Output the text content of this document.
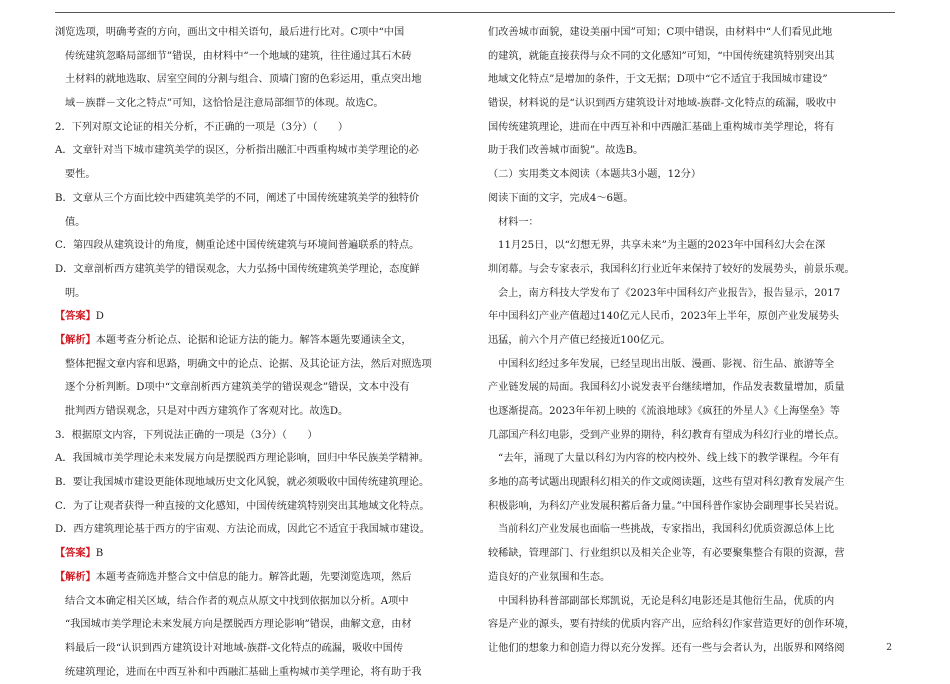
浏览选项，明确考查的方向，画出文中相关语句，最后进行比对。C项中“中国
传统建筑忽略局部细节”错误，由材料中“一个地域的建筑，往往通过其石木砖
土材料的就地选取、居室空间的分割与组合、顶墙门窗的色彩运用，重点突出地
域－族群－文化之特点”可知，这恰恰是注意局部细节的体现。故选C。
2．下列对原文论证的相关分析，不正确的一项是（3分）（　　）
A．文章针对当下城市建筑美学的误区，分析指出融汇中西重构城市美学理论的必
要性。
B．文章从三个方面比较中西建筑美学的不同，阐述了中国传统建筑美学的独特价
值。
C．第四段从建筑设计的角度，侧重论述中国传统建筑与环境间普遍联系的特点。
D．文章剖析西方建筑美学的错误观念，大力弘扬中国传统建筑美学理论，态度鲜
明。
【答案】D
【解析】本题考查分析论点、论据和论证方法的能力。解答本题先要通读全文，
整体把握文章内容和思路，明确文中的论点、论据、及其论证方法，然后对照选项
逐个分析判断。D项中“文章剖析西方建筑美学的错误观念”错误，文本中没有
批判西方错误观念，只是对中西方建筑作了客观对比。故选D。
3．根据原文内容，下列说法正确的一项是（3分）（　　）
A．我国城市美学理论未来发展方向是摆脱西方理论影响，回归中华民族美学精神。
B．要让我国城市建设更能体现地域历史文化风貌，就必须吸收中国传统建筑理论。
C．为了让观者获得一种直接的文化感知，中国传统建筑特别突出其地域文化特点。
D．西方建筑理论基于西方的宇宙观、方法论而成，因此它不适宜于我国城市建设。
【答案】B
【解析】本题考查筛选并整合文中信息的能力。解答此题，先要浏览选项，然后
结合文本确定相关区域，结合作者的观点从原文中找到依据加以分析。A项中
“我国城市美学理论未来发展方向是摆脱西方理论影响”错误，曲解文意，由材
料最后一段“认识到西方建筑设计对地域-族群-文化特点的疏漏，吸收中国传
统建筑理论，进而在中西互补和中西融汇基础上重构城市美学理论，将有助于我
们改善城市面貌，建设美丽中国”可知；C项中错误，由材料中“人们看见此地
的建筑，就能直接获得与众不同的文化感知”可知，“中国传统建筑特别突出其
地域文化特点”是增加的条件，于文无据；D项中“它不适宜于我国城市建设”
错误，材料说的是“认识到西方建筑设计对地域-族群-文化特点的疏漏，吸收中
国传统建筑理论，进而在中西互补和中西融汇基础上重构城市美学理论，将有
助于我们改善城市面貌”。故选B。
（二）实用类文本阅读（本题共3小题，12分）
阅读下面的文字，完成4～6题。
材料一：
11月25日，以“幻想无界，共享未来”为主题的2023年中国科幻大会在深
圳闭幕。与会专家表示，我国科幻行业近年来保持了较好的发展势头，前景乐观。
会上，南方科技大学发布了《2023年中国科幻产业报告》，报告显示，2017
年中国科幻产业产值超过140亿元人民币，2023年上半年，原创产业发展势头
迅猛，前六个月产值已经接近100亿元。
中国科幻经过多年发展，已经呈现出出版、漫画、影视、衍生品、旅游等全
产业链发展的局面。我国科幻小说发表平台继续增加，作品发表数量增加，质量
也逐渐提高。2023年年初上映的《流浪地球》《疯狂的外星人》《上海堡垒》等
几部国产科幻电影，受到产业界的期待，科幻教育有望成为科幻行业的增长点。
“去年，涌现了大量以科幻为内容的校内校外、线上线下的教学课程。今年有
多地的高考试题出现跟科幻相关的作文或阅读题，这些有望对科幻教育发展产生
积极影响，为科幻产业发展积蓄后备力量。”中国科普作家协会副理事长吴岩说。
当前科幻产业发展也面临一些挑战，专家指出，我国科幻优质资源总体上比
较稀缺，管理部门、行业组织以及相关企业等，有必要聚集整合有限的资源，营
造良好的产业氛围和生态。
中国科协科普部副部长郑凯说，无论是科幻电影还是其他衍生品，优质的内
容是产业的源头，要有持续的优质内容产出，应给科幻作家营造更好的创作环境，
让他们的想象力和创造力得以充分发挥。还有一些与会者认为，出版界和网络阅	2
